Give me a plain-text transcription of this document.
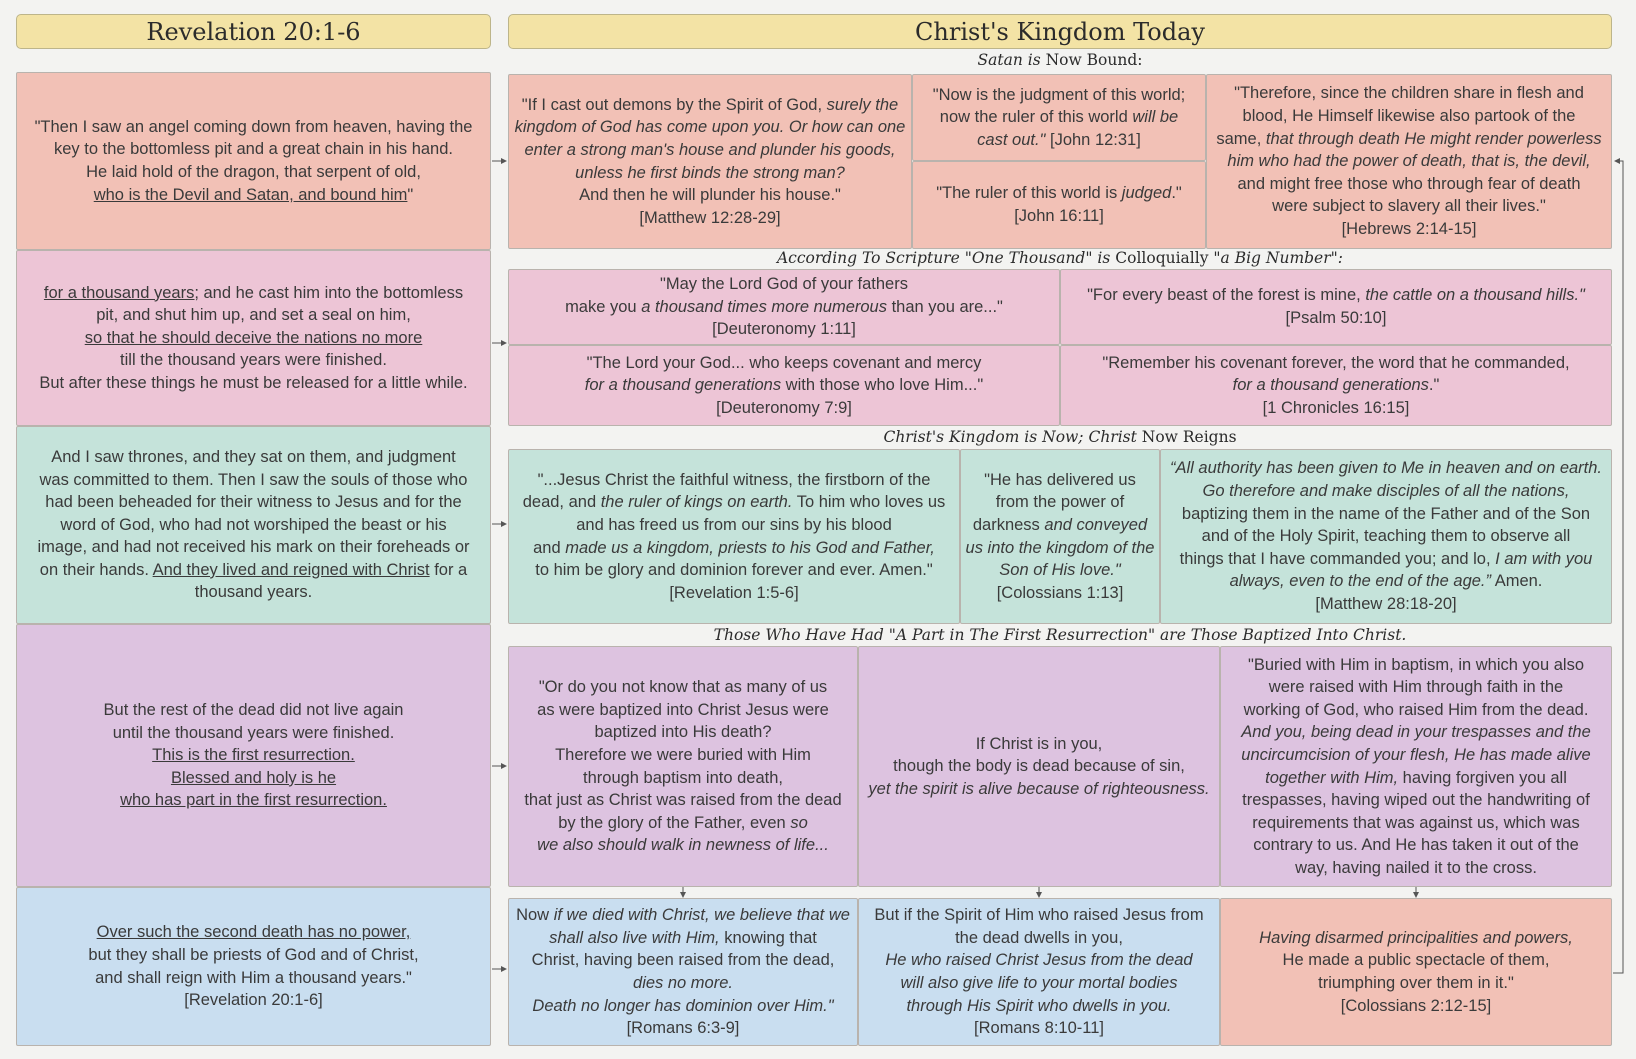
Revelation 20:1-6	Christ's Kingdom Today
Satan is Now Bound:
According To Scripture "One Thousand" is Colloquially "a Big Number":
Christ's Kingdom is Now; Christ Now Reigns
Those Who Have Had "A Part in The First Resurrection" are Those Baptized Into Christ.
"Then I saw an angel coming down from heaven, having the
key to the bottomless pit and a great chain in his hand.
He laid hold of the dragon, that serpent of old,
who is the Devil and Satan, and bound him"
for a thousand years; and he cast him into the bottomless
pit, and shut him up, and set a seal on him,
so that he should deceive the nations no more
till the thousand years were finished.
But after these things he must be released for a little while.
And I saw thrones, and they sat on them, and judgment
was committed to them. Then I saw the souls of those who
had been beheaded for their witness to Jesus and for the
word of God, who had not worshiped the beast or his
image, and had not received his mark on their foreheads or
on their hands. And they lived and reigned with Christ for a
thousand years.
But the rest of the dead did not live again
until the thousand years were finished.
This is the first resurrection.
Blessed and holy is he
who has part in the first resurrection.
Over such the second death has no power,
but they shall be priests of God and of Christ,
and shall reign with Him a thousand years."
[Revelation 20:1-6]
"If I cast out demons by the Spirit of God, surely the
kingdom of God has come upon you. Or how can one
enter a strong man's house and plunder his goods,
unless he first binds the strong man?
And then he will plunder his house."
[Matthew 12:28-29]
"Now is the judgment of this world;
now the ruler of this world will be
cast out." [John 12:31]
"The ruler of this world is judged."
[John 16:11]
"Therefore, since the children share in flesh and
blood, He Himself likewise also partook of the
same, that through death He might render powerless
him who had the power of death, that is, the devil,
and might free those who through fear of death
were subject to slavery all their lives."
[Hebrews 2:14-15]
"May the Lord God of your fathers
make you a thousand times more numerous than you are..."
[Deuteronomy 1:11]
"For every beast of the forest is mine, the cattle on a thousand hills."
[Psalm 50:10]
"The Lord your God... who keeps covenant and mercy
for a thousand generations with those who love Him..."
[Deuteronomy 7:9]
"Remember his covenant forever, the word that he commanded,
for a thousand generations."
[1 Chronicles 16:15]
"...Jesus Christ the faithful witness, the firstborn of the
dead, and the ruler of kings on earth. To him who loves us
and has freed us from our sins by his blood
and made us a kingdom, priests to his God and Father,
to him be glory and dominion forever and ever. Amen."
[Revelation 1:5-6]
"He has delivered us
from the power of
darkness and conveyed
us into the kingdom of the
Son of His love."
[Colossians 1:13]
“All authority has been given to Me in heaven and on earth.
Go therefore and make disciples of all the nations,
baptizing them in the name of the Father and of the Son
and of the Holy Spirit, teaching them to observe all
things that I have commanded you; and lo, I am with you
always, even to the end of the age.” Amen.
[Matthew 28:18-20]
"Or do you not know that as many of us
as were baptized into Christ Jesus were
baptized into His death?
Therefore we were buried with Him
through baptism into death,
that just as Christ was raised from the dead
by the glory of the Father, even so
we also should walk in newness of life...
If Christ is in you,
though the body is dead because of sin,
yet the spirit is alive because of righteousness.
"Buried with Him in baptism, in which you also
were raised with Him through faith in the
working of God, who raised Him from the dead.
And you, being dead in your trespasses and the
uncircumcision of your flesh, He has made alive
together with Him, having forgiven you all
trespasses, having wiped out the handwriting of
requirements that was against us, which was
contrary to us. And He has taken it out of the
way, having nailed it to the cross.
Now if we died with Christ, we believe that we
shall also live with Him, knowing that
Christ, having been raised from the dead,
dies no more.
Death no longer has dominion over Him."
[Romans 6:3-9]
But if the Spirit of Him who raised Jesus from
the dead dwells in you,
He who raised Christ Jesus from the dead
will also give life to your mortal bodies
through His Spirit who dwells in you.
[Romans 8:10-11]
Having disarmed principalities and powers,
He made a public spectacle of them,
triumphing over them in it."
[Colossians 2:12-15]
